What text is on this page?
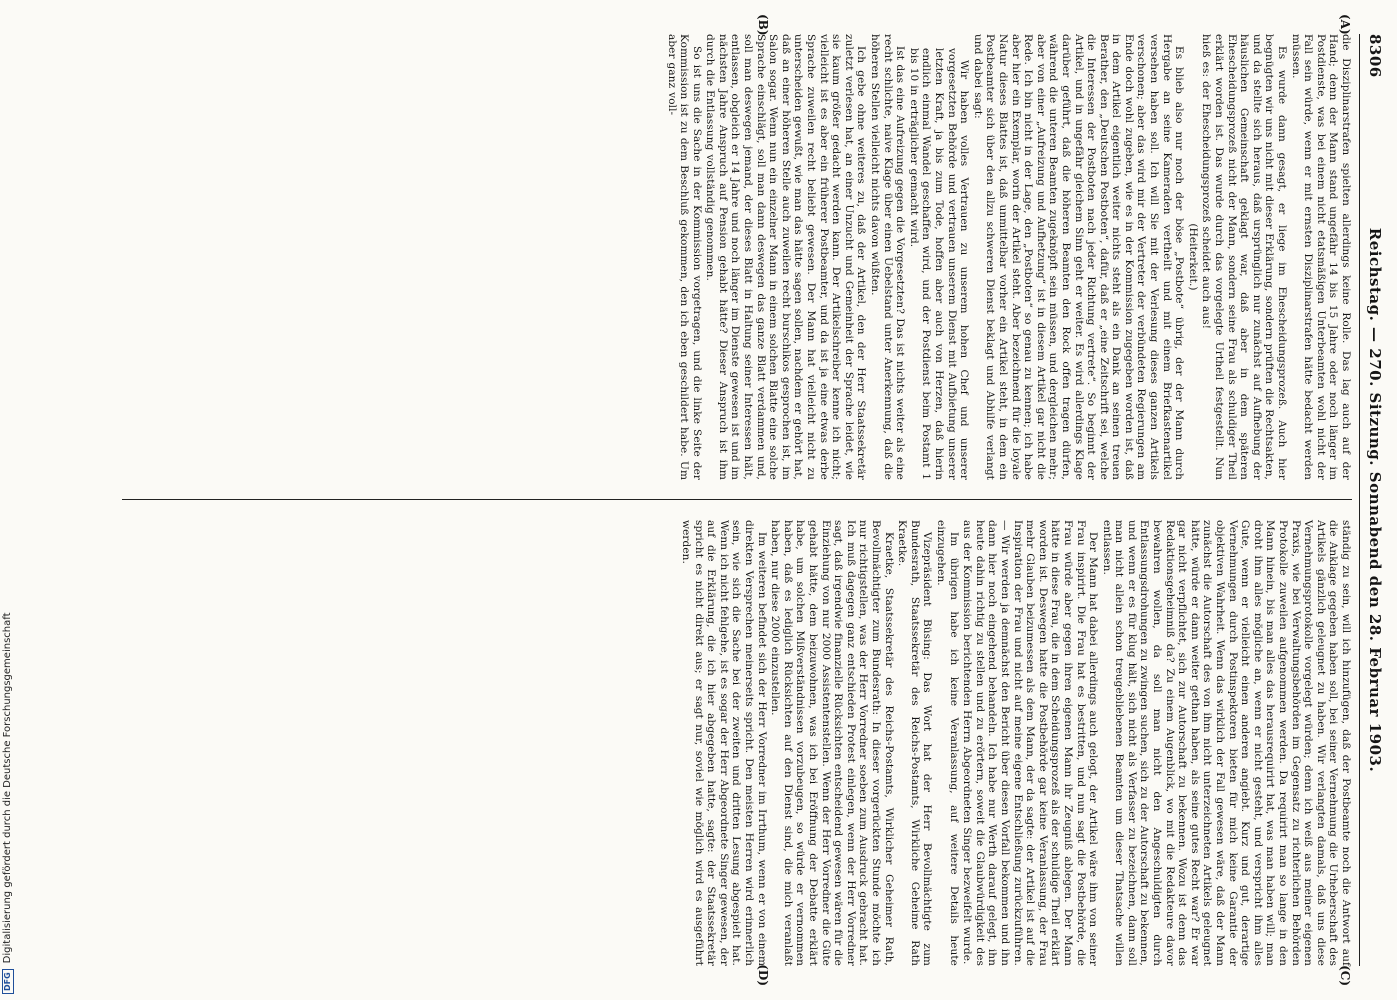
8306
Reichstag. — 270. Sitzung. Sonnabend den 28. Februar 1903.
(A)
(B)
(C)
(D)

die Disziplinarstrafen spielten allerdings keine Rolle. Das lag auch auf der Hand; denn der Mann stand ungefähr 14 bis 15 Jahre oder noch länger im Postdienste, was bei einem nicht etatsmäßigen Unterbeamten wohl nicht der Fall sein würde, wenn er mit ernsten Disziplinarstrafen hätte bedacht werden müssen.

Es wurde dann gesagt, er liege im Ehescheidungsprozeß. Auch hier begnügten wir uns nicht mit dieser Erklärung, sondern prüften die Rechtsakten, und da stellte sich heraus, daß ursprünglich nur zunächst auf Aufhebung der häuslichen Gemeinschaft geklagt war, daß aber in dem späteren Ehescheidungsprozeß nicht der Mann, sondern seine Frau als schuldiger Theil erklärt worden ist. Das wurde durch das vorgelegte Urtheil festgestellt. Nun hieß es: der Ehescheidungsprozeß scheidet auch aus!

(Heiterkeit.)

Es blieb also nur noch der böse „Postbote“ übrig, der der Mann durch Hergabe an seine Kameraden vertheilt und mit einem Briefkastenartikel versehen haben soll. Ich will Sie mit der Verlesung dieses ganzen Artikels verschonen; aber das wird mir der Vertreter der verbündeten Regierungen am Ende doch wohl zugeben, wie es in der Kommission zugegeben worden ist, daß in dem Artikel eigentlich weiter nichts steht als ein Dank an seinen treuen Berather, den „Deutschen Postboten“, dafür, daß er „eine Zeitschrift sei, welche die Interessen der Postboten nach jeder Richtung vertrete“. So beginnt der Artikel, und in ungefähr gleichem Sinn geht er weiter. Es wird allerdings Klage darüber geführt, daß die höheren Beamten den Rock offen tragen dürfen, während die unteren Beamten zugeknöpft sein müssen, und dergleichen mehr; aber von einer „Aufreizung und Aufhetzung“ ist in diesem Artikel gar nicht die Rede. Ich bin nicht in der Lage, den „Postboten“ so genau zu kennen; ich habe aber hier ein Exemplar, worin der Artikel steht. Aber bezeichnend für die loyale Natur dieses Blattes ist, daß unmittelbar vorher ein Artikel steht, in dem ein Postbeamter sich über den allzu schweren Dienst beklagt und Abhilfe verlangt und dabei sagt:

Wir haben volles Vertrauen zu unserem hohen Chef und unserer vorgesetzten Behörde und vertrauen unserem Dienst mit Aufbietung unserer letzten Kraft, ja bis zum Tode, hoffen aber auch von Herzen, daß hierin endlich einmal Wandel geschaffen wird, und der Postdienst beim Postamt 1 bis 10 in erträglicher gemacht wird.

Ist das eine Aufreizung gegen die Vorgesetzten? Das ist nichts weiter als eine recht schlichte, naive Klage über einen Uebelstand unter Anerkennung, daß die höheren Stellen vielleicht nichts davon wüßten.

Ich gebe ohne weiteres zu, daß der Artikel, den der Herr Staatssekretär zuletzt verlesen hat, an einer Unzucht und Gemeinheit der Sprache leidet, wie sie kaum größer gedacht werden kann. Der Artikelschreiber kenne ich nicht; vielleicht ist es aber ein früherer Postbeamter, und da ist ja eine etwas derbe Sprache zuweilen recht beliebt gewesen. Der Mann hat vielleicht nicht zu unterscheiden gewußt, wie man das hätte sagen sollen, nachdem er gehört hat, daß an einer höheren Stelle auch zuweilen recht burschikos gesprochen ist, im Salon sogar. Wenn nun ein einzelner Mann in einem solchen Blatte eine solche Sprache einschlägt, soll man dann deswegen das ganze Blatt verdammen und, soll man deswegen jemand, der dieses Blatt in Haltung seiner Interessen hält, entlassen, obgleich er 14 Jahre und noch länger im Dienste gewesen ist und im nächsten Jahre Anspruch auf Pension gehabt hätte? Dieser Anspruch ist ihm durch die Entlassung vollständig genommen.

So ist uns die Sache in der Kommission vorgetragen, und die linke Seite der Kommission ist zu dem Beschluß gekommen, den ich eben geschildert habe. Um aber ganz voll-

ständig zu sein, will ich hinzufügen, daß der Postbeamte noch die Antwort auf die Anklage gegeben haben soll, bei seiner Vernehmung die Urheberschaft des Artikels gänzlich geleugnet zu haben. Wir verlangten damals, daß uns diese Vernehmungsprotokolle vorgelegt würden; denn ich weiß aus meiner eigenen Praxis, wie bei Verwaltungsbehörden im Gegensatz zu richterlichen Behörden Protokolle zuweilen aufgenommen werden. Da requirirt man so lange in den Mann hinein, bis man alles das herausrequirirt hat, was man haben will; man droht ihm alles mögliche an, wenn er nicht gesteht, und verspricht ihm alles Gute, wenn er vielleicht einen anderen angiebt. Kurz und gut, derartige Vernehmungen durch Postinspektoren bieten für mich keine Garantie der objektiven Wahrheit. Wenn das wirklich der Fall gewesen wäre, daß der Mann zunächst die Autorschaft des von ihm nicht unterzeichneten Artikels geleugnet hätte, würde er dann weiter gethan haben, als seine gutes Recht war? Er war gar nicht verpflichtet, sich zur Autorschaft zu bekennen. Wozu ist denn das Redaktionsgeheimniß da? Zu einem Augenblick, wo mit die Redakteure davor bewahren wollen, da soll man nicht den Angeschuldigten durch Entlassungsdrohungen zu zwingen suchen, sich zu der Autorschaft zu bekennen, und wenn er es für klug hält, sich nicht als Verfasser zu bezeichnen, dann soll man nicht allein schon treugebliebenen Beamten um dieser Thatsache willen entlassen.

Der Mann hat dabei allerdings auch gelogt, der Artikel wäre ihm von seiner Frau inspirirt. Die Frau hat es bestritten, und nun sagt die Postbehörde, die Frau würde aber gegen ihren eigenen Mann ihr Zeugniß ablegen. Der Mann hätte in diese Frau, die in dem Scheidungsprozeß als der schuldige Theil erklärt worden ist. Deswegen hatte die Postbehörde gar keine Veranlassung, der Frau mehr Glauben beizumessen als dem Mann, der da sagte: der Artikel ist auf die Inspiration der Frau und nicht auf meine eigene Entschließung zurückzuführen. — Wir werden ja demnächst den Bericht über diesen Vorfall bekommen und ihn dann hier noch eingehend behandeln. Ich habe nur Werth darauf gelegt, ihn heute dahin richtig zu stellen und zu erörtern, soweit die Glaubwürdigkeit des aus der Kommission berichtenden Herrn Abgeordneten Singer bezweifelt wurde.

Im übrigen habe ich keine Veranlassung, auf weitere Details heute einzugehen.

Vizepräsident Büsing: Das Wort hat der Herr Bevollmächtigte zum Bundesrath, Staatssekretär des Reichs-Postamts, Wirkliche Geheime Rath Kraetke.

Kraetke, Staatssekretär des Reichs-Postamts, Wirklicher Geheimer Rath, Bevollmächtigter zum Bundesrath: In dieser vorgerückten Stunde möchte ich nur richtigstellen, was der Herr Vorredner soeben zum Ausdruck gebracht hat. Ich muß dagegen ganz entschieden Protest einlegen, wenn der Herr Vorredner sagt, daß irgendwie finanzielle Rücksichten entscheidend gewesen wären für die Einziehung von nur 2000 Assistentenstellen. Wenn der Herr Vorredner die Güte gehabt hätte, dem beizuwohnen, was ich bei Eröffnung der Debatte erklärt habe, um solchen Mißverständnissen vorzubeugen, so würde er vernommen haben, daß es lediglich Rücksichten auf den Dienst sind, die mich veranlaßt haben, nur diese 2000 einzustellen.

Im weiteren befindet sich der Herr Vorredner im Irrthum, wenn er von einem direkten Versprechen meinerseits spricht. Den meisten Herren wird erinnerlich sein, wie sich die Sache bei der zweiten und dritten Lesung abgespielt hat. Wenn ich nicht fehlgehe, ist es sogar der Herr Abgeordnete Singer gewesen, der auf die Erklärung, die ich hier abgegeben hatte, sagte: der Staatssekretär spricht es nicht direkt aus; er sagt nur, soviel wie möglich wird es ausgeführt werden.

DFG
Digitalisierung gefördert durch die Deutsche Forschungsgemeinschaft
